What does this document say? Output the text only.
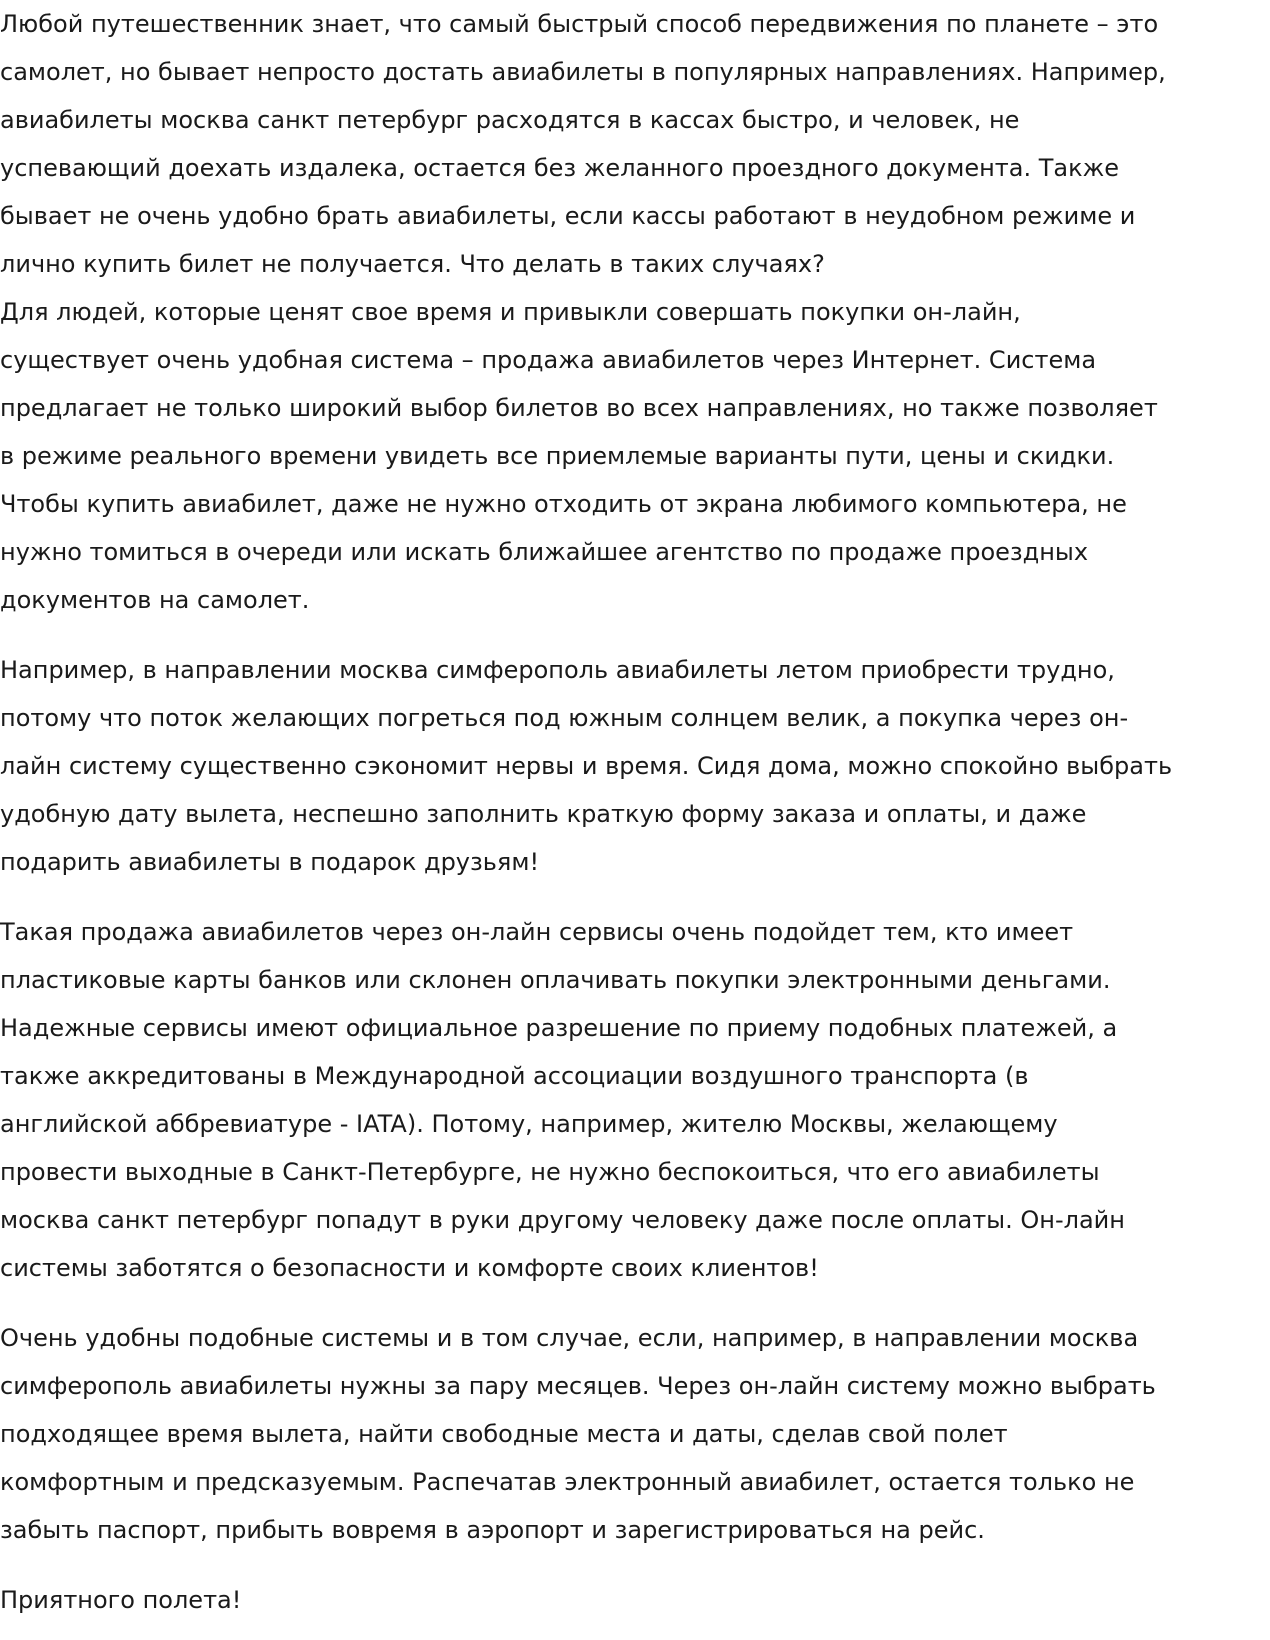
Любой путешественник знает, что самый быстрый способ передвижения по планете – это
самолет, но бывает непросто достать авиабилеты в популярных направлениях. Например,
авиабилеты москва санкт петербург расходятся в кассах быстро, и человек, не
успевающий доехать издалека, остается без желанного проездного документа. Также
бывает не очень удобно брать авиабилеты, если кассы работают в неудобном режиме и
лично купить билет не получается. Что делать в таких случаях?
Для людей, которые ценят свое время и привыкли совершать покупки он-лайн,
существует очень удобная система – продажа авиабилетов через Интернет. Система
предлагает не только широкий выбор билетов во всех направлениях, но также позволяет
в режиме реального времени увидеть все приемлемые варианты пути, цены и скидки.
Чтобы купить авиабилет, даже не нужно отходить от экрана любимого компьютера, не
нужно томиться в очереди или искать ближайшее агентство по продаже проездных
документов на самолет.
Например, в направлении москва симферополь авиабилеты летом приобрести трудно,
потому что поток желающих погреться под южным солнцем велик, а покупка через он-
лайн систему существенно сэкономит нервы и время. Сидя дома, можно спокойно выбрать
удобную дату вылета, неспешно заполнить краткую форму заказа и оплаты, и даже
подарить авиабилеты в подарок друзьям!
Такая продажа авиабилетов через он-лайн сервисы очень подойдет тем, кто имеет
пластиковые карты банков или склонен оплачивать покупки электронными деньгами.
Надежные сервисы имеют официальное разрешение по приему подобных платежей, а
также аккредитованы в Международной ассоциации воздушного транспорта (в
английской аббревиатуре - IATA). Потому, например, жителю Москвы, желающему
провести выходные в Санкт-Петербурге, не нужно беспокоиться, что его авиабилеты
москва санкт петербург попадут в руки другому человеку даже после оплаты. Он-лайн
системы заботятся о безопасности и комфорте своих клиентов!
Очень удобны подобные системы и в том случае, если, например, в направлении москва
симферополь авиабилеты нужны за пару месяцев. Через он-лайн систему можно выбрать
подходящее время вылета, найти свободные места и даты, сделав свой полет
комфортным и предсказуемым. Распечатав электронный авиабилет, остается только не
забыть паспорт, прибыть вовремя в аэропорт и зарегистрироваться на рейс.
Приятного полета!
